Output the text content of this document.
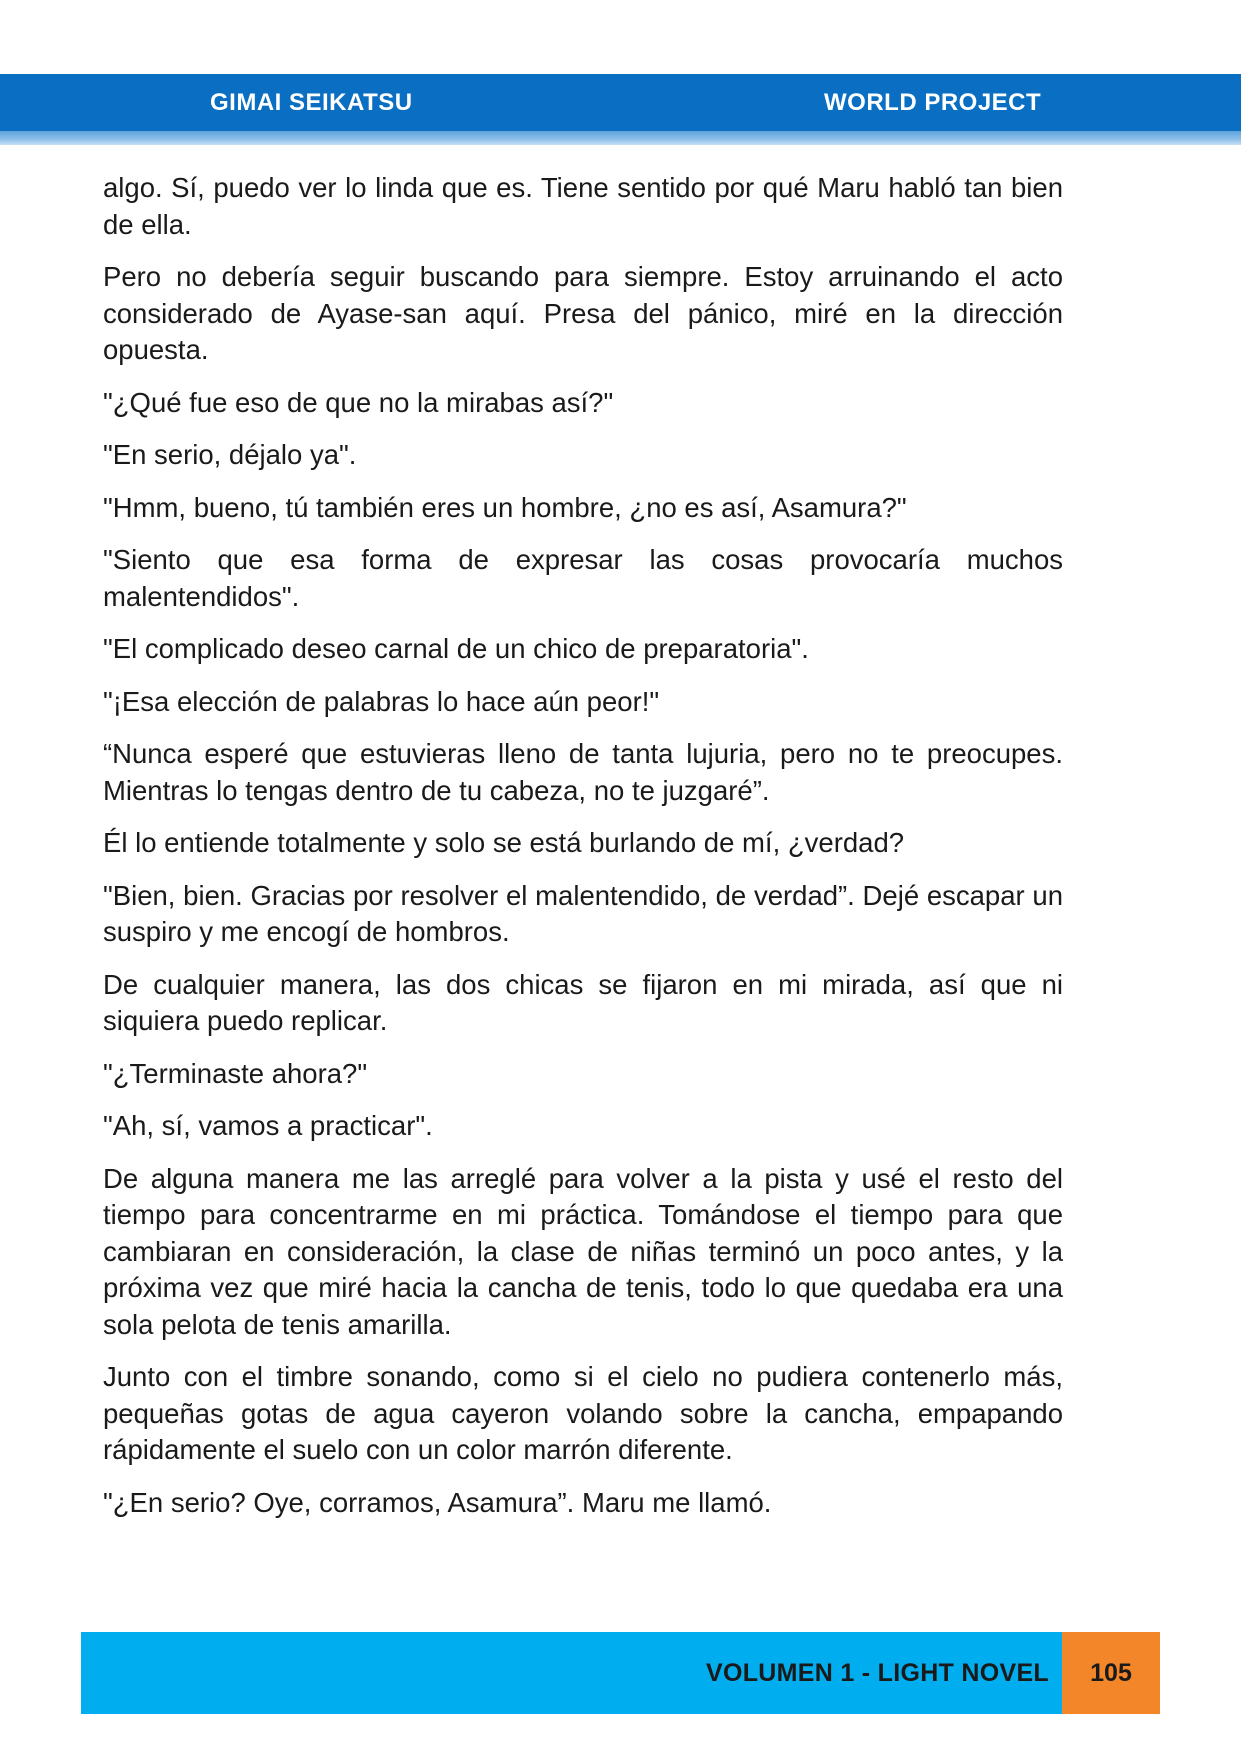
GIMAI SEIKATSU	WORLD PROJECT

algo. Sí, puedo ver lo linda que es. Tiene sentido por qué Maru habló tan bien de ella.

Pero no debería seguir buscando para siempre. Estoy arruinando el acto considerado de Ayase-san aquí. Presa del pánico, miré en la dirección opuesta.

"¿Qué fue eso de que no la mirabas así?"

"En serio, déjalo ya".

"Hmm, bueno, tú también eres un hombre, ¿no es así, Asamura?"

"Siento que esa forma de expresar las cosas provocaría muchos malentendidos".

"El complicado deseo carnal de un chico de preparatoria".

"¡Esa elección de palabras lo hace aún peor!"

“Nunca esperé que estuvieras lleno de tanta lujuria, pero no te preocupes. Mientras lo tengas dentro de tu cabeza, no te juzgaré”.

Él lo entiende totalmente y solo se está burlando de mí, ¿verdad?

"Bien, bien. Gracias por resolver el malentendido, de verdad”. Dejé escapar un suspiro y me encogí de hombros.

De cualquier manera, las dos chicas se fijaron en mi mirada, así que ni siquiera puedo replicar.

"¿Terminaste ahora?"

"Ah, sí, vamos a practicar".

De alguna manera me las arreglé para volver a la pista y usé el resto del tiempo para concentrarme en mi práctica. Tomándose el tiempo para que cambiaran en consideración, la clase de niñas terminó un poco antes, y la próxima vez que miré hacia la cancha de tenis, todo lo que quedaba era una sola pelota de tenis amarilla.

Junto con el timbre sonando, como si el cielo no pudiera contenerlo más, pequeñas gotas de agua cayeron volando sobre la cancha, empapando rápidamente el suelo con un color marrón diferente.

"¿En serio? Oye, corramos, Asamura”. Maru me llamó.

VOLUMEN 1 - LIGHT NOVEL	105
